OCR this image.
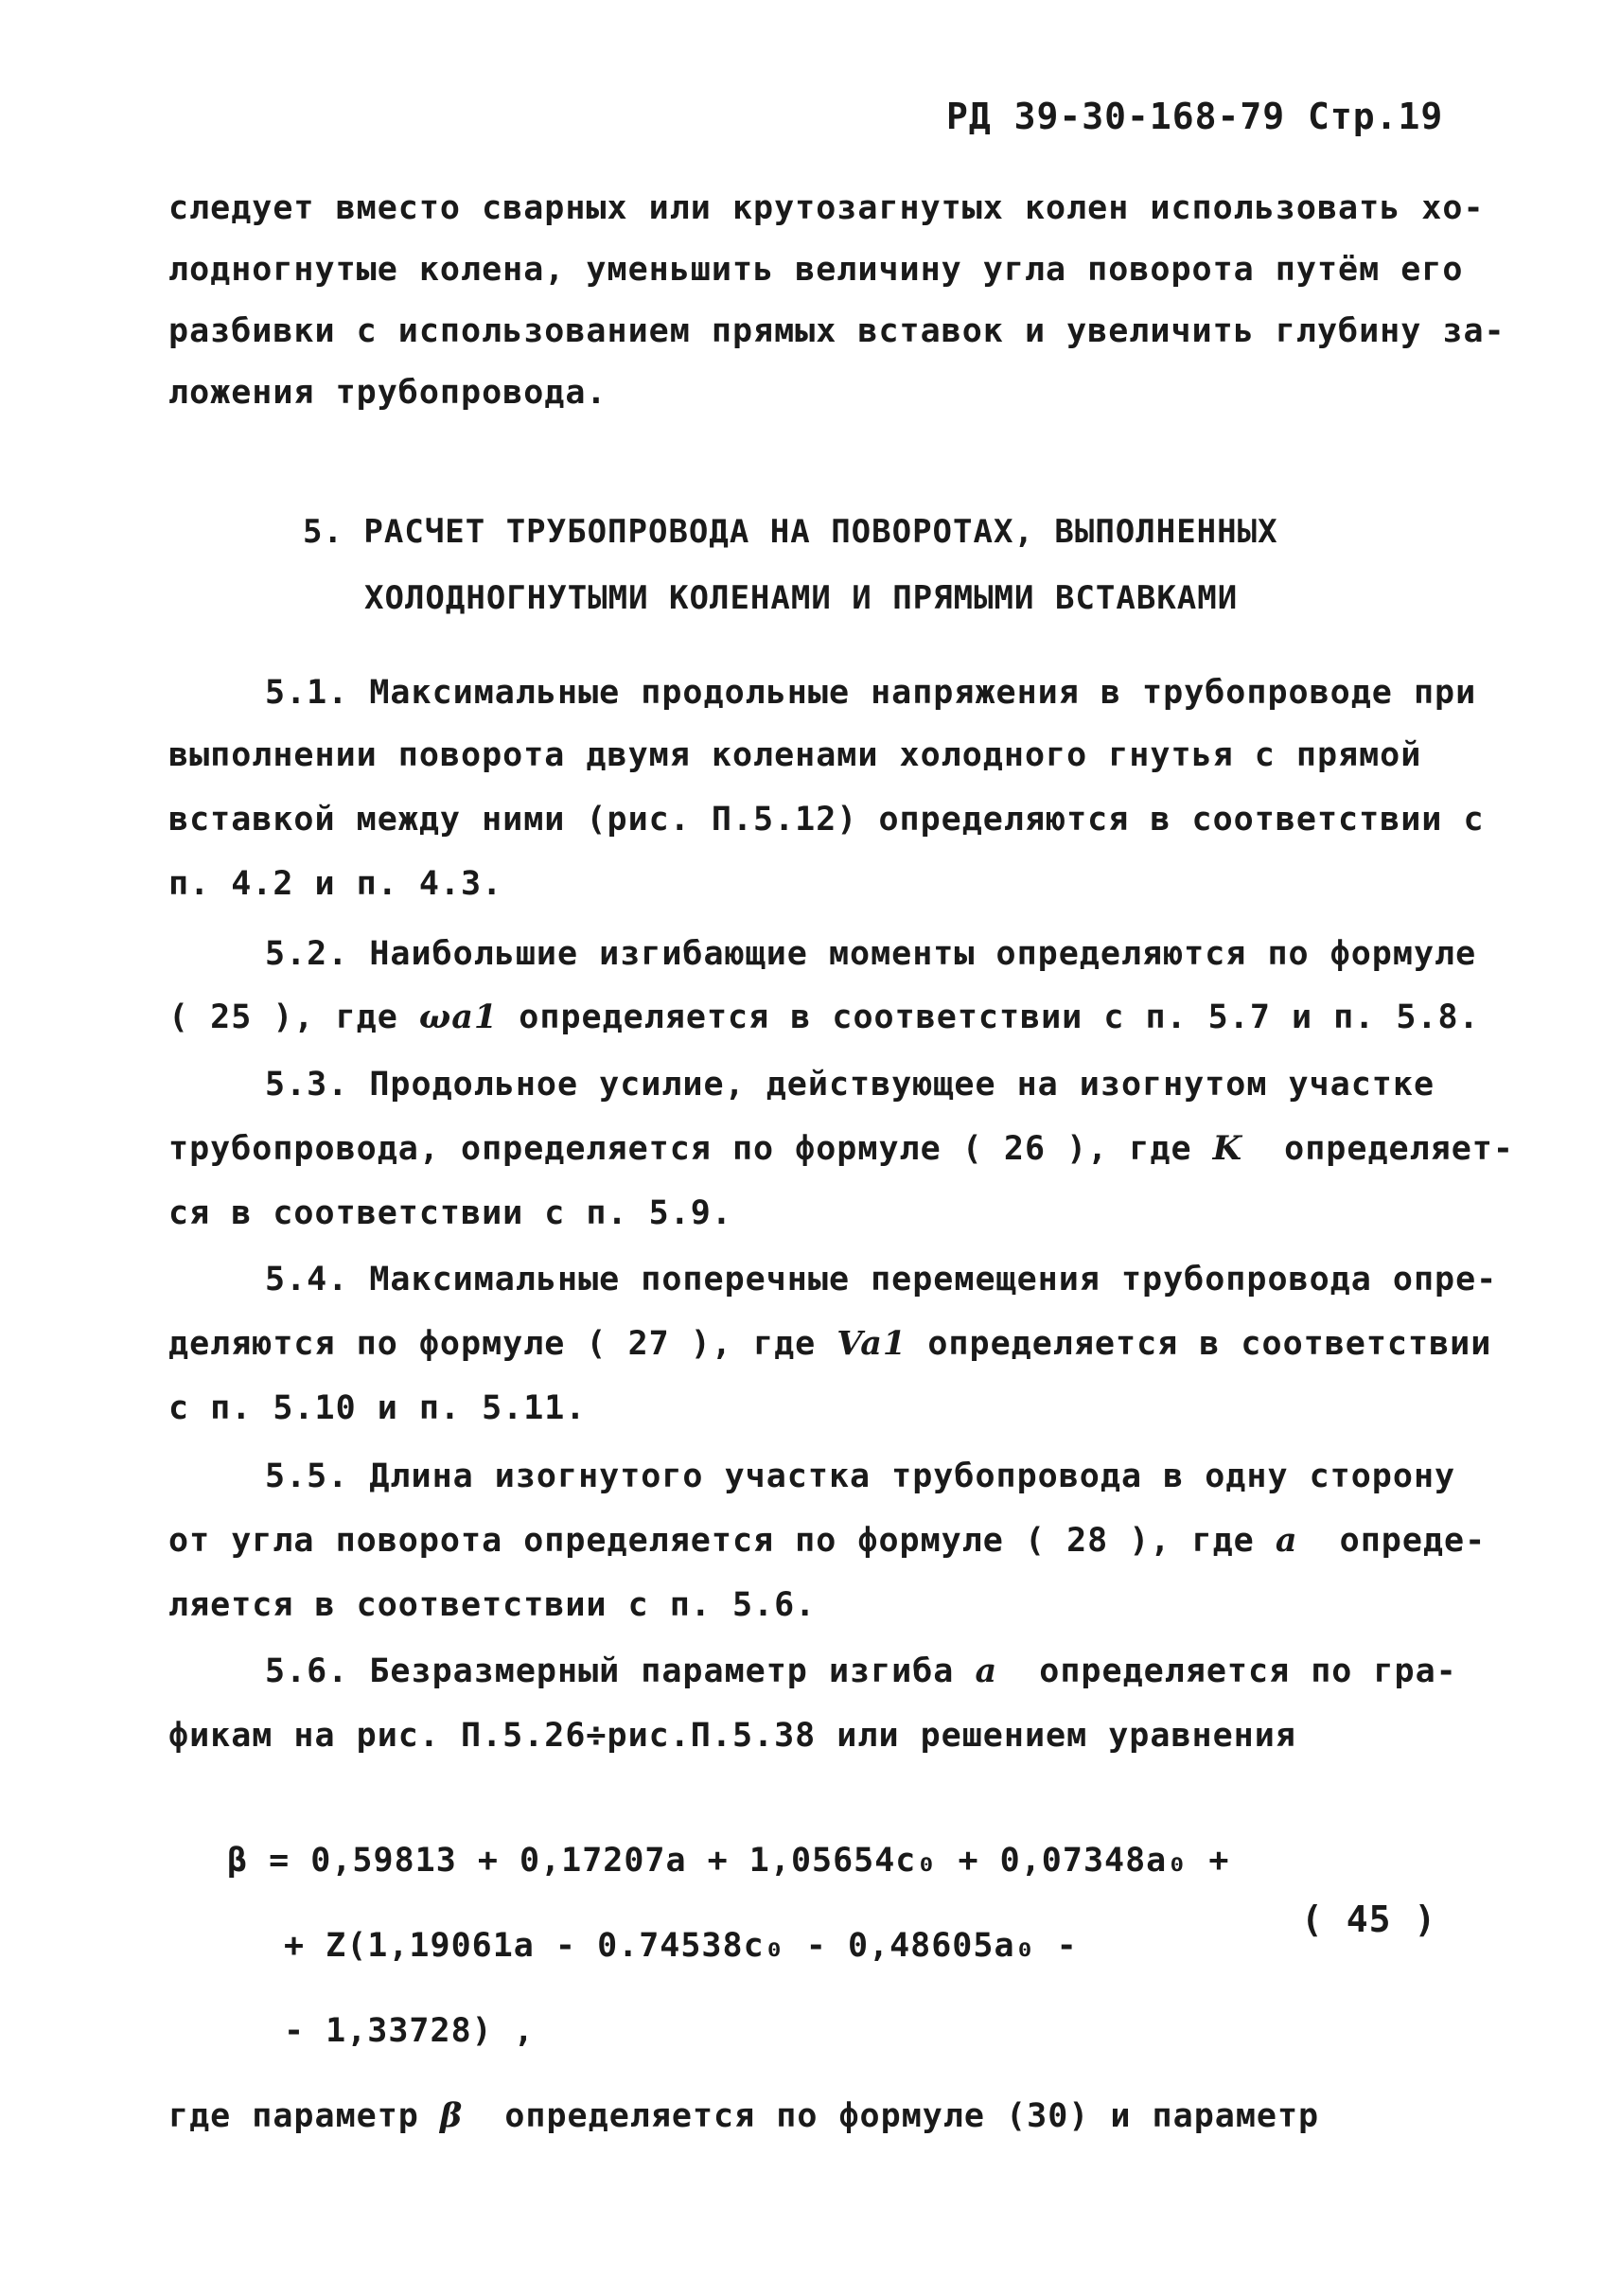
РД 39-30-168-79 Стр.19
следует вместо сварных или крутозагнутых колен использовать хо-
лодногнутые колена, уменьшить величину угла поворота путём его
разбивки с использованием прямых вставок и увеличить глубину за-
ложения трубопровода.
5. РАСЧЕТ ТРУБОПРОВОДА НА ПОВОРОТАХ, ВЫПОЛНЕННЫХ
ХОЛОДНОГНУТЫМИ КОЛЕНАМИ И ПРЯМЫМИ ВСТАВКАМИ
5.1. Максимальные продольные напряжения в трубопроводе при
выполнении поворота двумя коленами холодного гнутья с прямой
вставкой между ними (рис. П.5.12) определяются в соответствии с
п. 4.2 и п. 4.3.
5.2. Наибольшие изгибающие моменты определяются по формуле
( 25 ), где ωa1 определяется в соответствии с п. 5.7 и п. 5.8.
5.3. Продольное усилие, действующее на изогнутом участке
трубопровода, определяется по формуле ( 26 ), где K  определяет-
ся в соответствии с п. 5.9.
5.4. Максимальные поперечные перемещения трубопровода опре-
деляются по формуле ( 27 ), где Va1 определяется в соответствии
с п. 5.10 и п. 5.11.
5.5. Длина изогнутого участка трубопровода в одну сторону
от угла поворота определяется по формуле ( 28 ), где a  опреде-
ляется в соответствии с п. 5.6.
5.6. Безразмерный параметр изгиба a  определяется по гра-
фикам на рис. П.5.26÷рис.П.5.38 или решением уравнения
β = 0,59813 + 0,17207a + 1,05654c₀ + 0,07348a₀ +
+ Z(1,19061a - 0.74538c₀ - 0,48605a₀ -
( 45 )
- 1,33728) ,
где параметр β  определяется по формуле (30) и параметр
